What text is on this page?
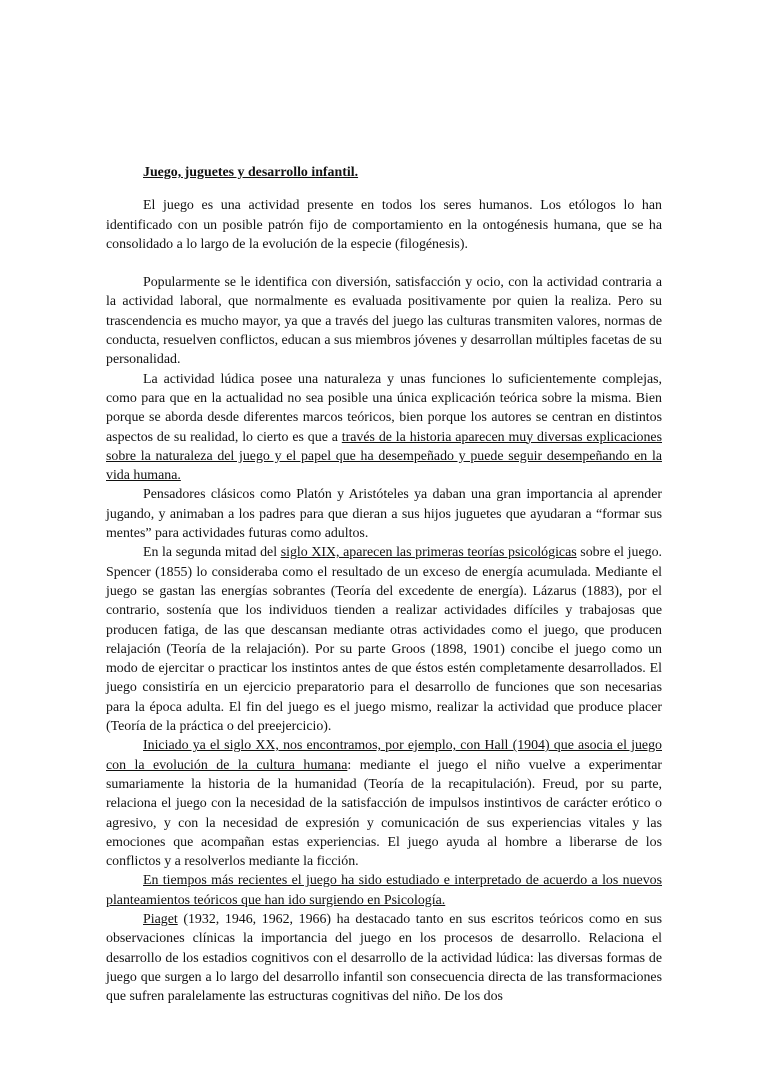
Juego, juguetes y desarrollo infantil.

El juego es una actividad presente en todos los seres humanos. Los etólogos lo han identificado con un posible patrón fijo de comportamiento en la ontogénesis humana, que se ha consolidado a lo largo de la evolución de la especie (filogénesis).

Popularmente se le identifica con diversión, satisfacción y ocio, con la actividad contraria a la actividad laboral, que normalmente es evaluada positivamente por quien la realiza. Pero su trascendencia es mucho mayor, ya que a través del juego las culturas transmiten valores, normas de conducta, resuelven conflictos, educan a sus miembros jóvenes y desarrollan múltiples facetas de su personalidad.

La actividad lúdica posee una naturaleza y unas funciones lo suficientemente complejas, como para que en la actualidad no sea posible una única explicación teórica sobre la misma. Bien porque se aborda desde diferentes marcos teóricos, bien porque los autores se centran en distintos aspectos de su realidad, lo cierto es que a través de la historia aparecen muy diversas explicaciones sobre la naturaleza del juego y el papel que ha desempeñado y puede seguir desempeñando en la vida humana.

Pensadores clásicos como Platón y Aristóteles ya daban una gran importancia al aprender jugando, y animaban a los padres para que dieran a sus hijos juguetes que ayudaran a “formar sus mentes” para actividades futuras como adultos.

En la segunda mitad del siglo XIX, aparecen las primeras teorías psicológicas sobre el juego. Spencer (1855) lo consideraba como el resultado de un exceso de energía acumulada. Mediante el juego se gastan las energías sobrantes (Teoría del excedente de energía). Lázarus (1883), por el contrario, sostenía que los individuos tienden a realizar actividades difíciles y trabajosas que producen fatiga, de las que descansan mediante otras actividades como el juego, que producen relajación (Teoría de la relajación). Por su parte Groos (1898, 1901) concibe el juego como un modo de ejercitar o practicar los instintos antes de que éstos estén completamente desarrollados. El juego consistiría en un ejercicio preparatorio para el desarrollo de funciones que son necesarias para la época adulta. El fin del juego es el juego mismo, realizar la actividad que produce placer (Teoría de la práctica o del preejercicio).

Iniciado ya el siglo XX, nos encontramos, por ejemplo, con Hall (1904) que asocia el juego con la evolución de la cultura humana: mediante el juego el niño vuelve a experimentar sumariamente la historia de la humanidad (Teoría de la recapitulación). Freud, por su parte, relaciona el juego con la necesidad de la satisfacción de impulsos instintivos de carácter erótico o agresivo, y con la necesidad de expresión y comunicación de sus experiencias vitales y las emociones que acompañan estas experiencias. El juego ayuda al hombre a liberarse de los conflictos y a resolverlos mediante la ficción.

En tiempos más recientes el juego ha sido estudiado e interpretado de acuerdo a los nuevos planteamientos teóricos que han ido surgiendo en Psicología.

Piaget (1932, 1946, 1962, 1966) ha destacado tanto en sus escritos teóricos como en sus observaciones clínicas la importancia del juego en los procesos de desarrollo. Relaciona el desarrollo de los estadios cognitivos con el desarrollo de la actividad lúdica: las diversas formas de juego que surgen a lo largo del desarrollo infantil son consecuencia directa de las transformaciones que sufren paralelamente las estructuras cognitivas del niño. De los dos
